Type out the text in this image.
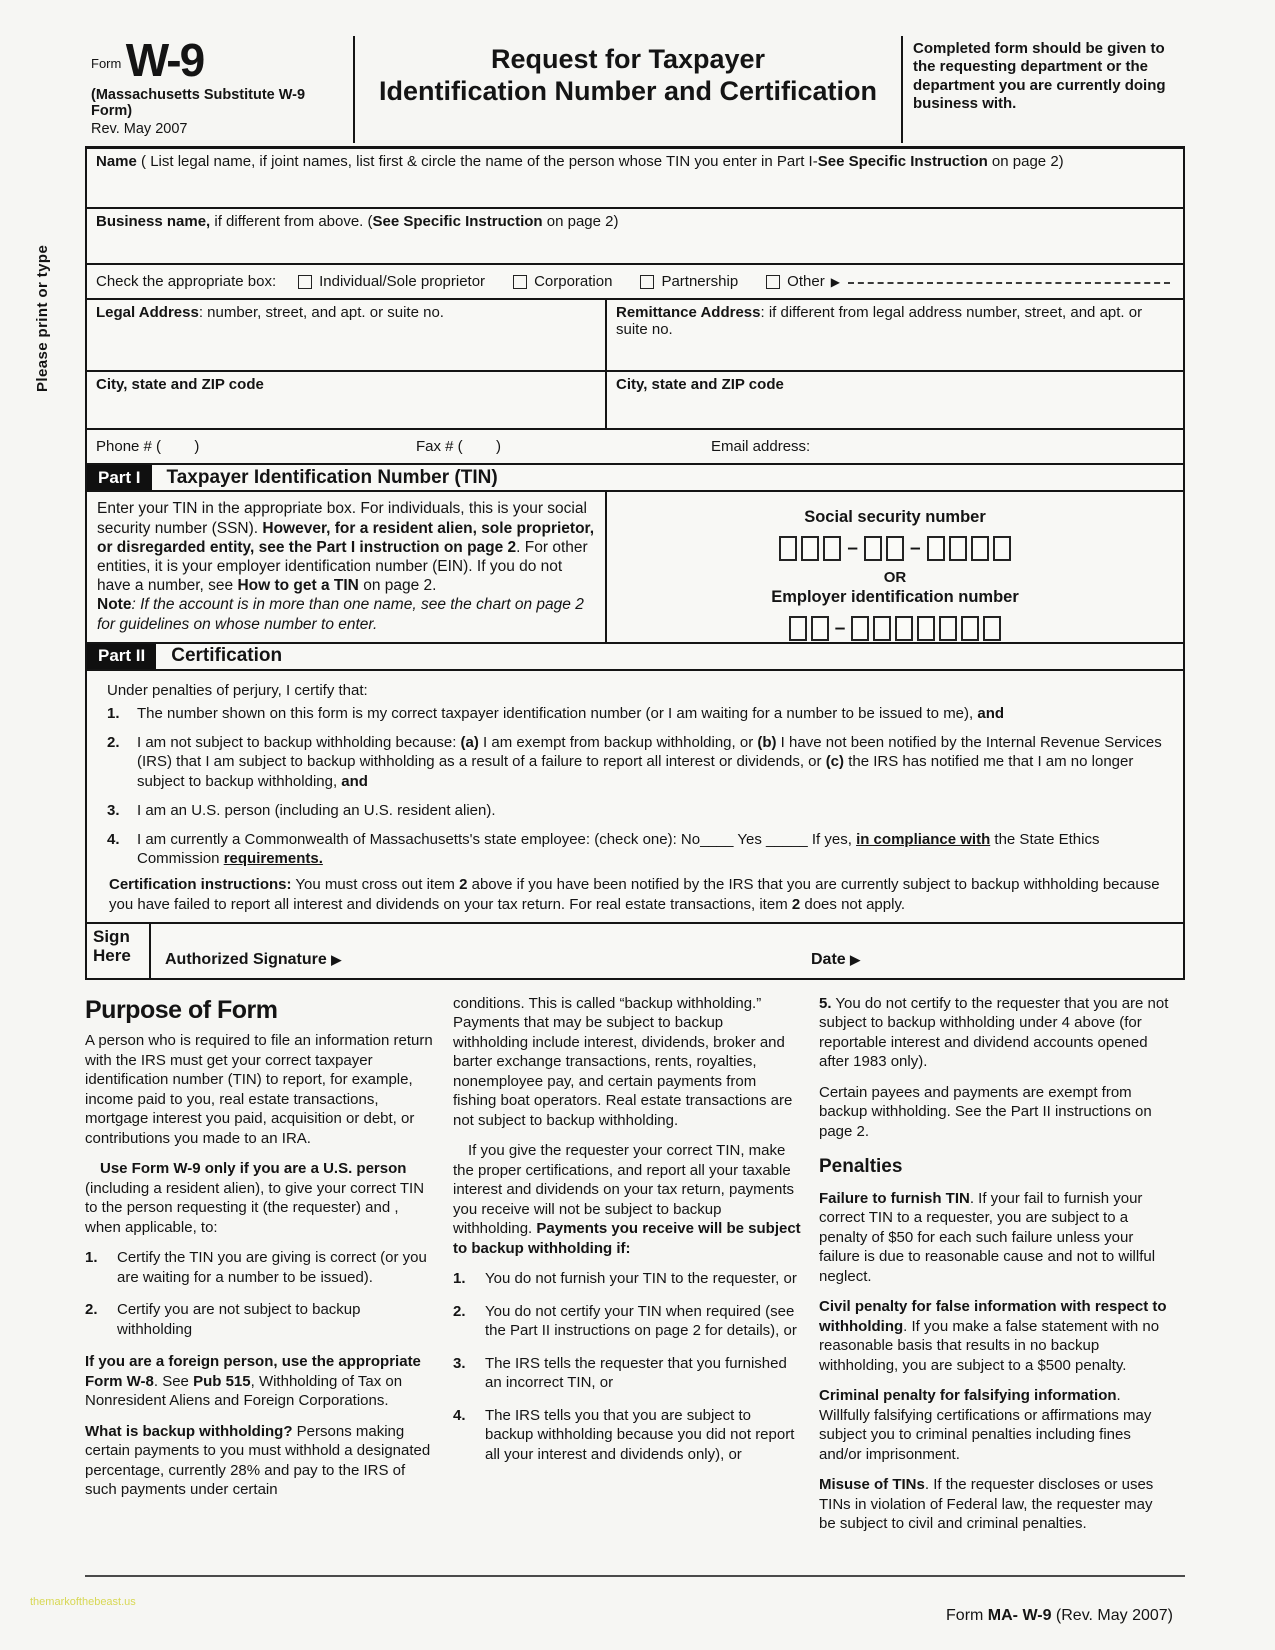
Please print or type
$^{Form}$ W-9
(Massachusetts Substitute W-9 Form)
Rev. May 2007
Request for Taxpayer
Identification Number and Certification
Completed form should be given to the requesting department or the department you are currently doing business with.
Name ( List legal name, if joint names, list first & circle the name of the person whose TIN you enter in Part I-See Specific Instruction on page 2)
Business name, if different from above. (See Specific Instruction on page 2)
Check the appropriate box:	Individual/Sole proprietor	Corporation	Partnership	Other ▶
Legal Address: number, street, and apt. or suite no.	Remittance Address: if different from legal address number, street, and apt. or suite no.
City, state and ZIP code	City, state and ZIP code
Phone # (        )	Fax # (        )	Email address:
Part I	Taxpayer Identification Number (TIN)
Enter your TIN in the appropriate box. For individuals, this is your social security number (SSN). However, for a resident alien, sole proprietor, or disregarded entity, see the Part I instruction on page 2. For other entities, it is your employer identification number (EIN). If you do not have a number, see How to get a TIN on page 2.
Note: If the account is in more than one name, see the chart on page 2 for guidelines on whose number to enter.
Social security number
–	–
OR
Employer identification number
–
Part II	Certification
Under penalties of perjury, I certify that:
1.	The number shown on this form is my correct taxpayer identification number (or I am waiting for a number to be issued to me), and
2.	I am not subject to backup withholding because: (a) I am exempt from backup withholding, or (b) I have not been notified by the Internal Revenue Services (IRS) that I am subject to backup withholding as a result of a failure to report all interest or dividends, or (c) the IRS has notified me that I am no longer subject to backup withholding, and
3.	I am an U.S. person (including an U.S. resident alien).
4.	I am currently a Commonwealth of Massachusetts's state employee: (check one): No____ Yes _____ If yes, in compliance with the State Ethics Commission requirements.
Certification instructions: You must cross out item 2 above if you have been notified by the IRS that you are currently subject to backup withholding because you have failed to report all interest and dividends on your tax return. For real estate transactions, item 2 does not apply.
Sign
Here	Authorized Signature ▶	Date ▶
Purpose of Form

A person who is required to file an information return with the IRS must get your correct taxpayer identification number (TIN) to report, for example, income paid to you, real estate transactions, mortgage interest you paid, acquisition or debt, or contributions you made to an IRA.

Use Form W-9 only if you are a U.S. person (including a resident alien), to give your correct TIN to the person requesting it (the requester) and , when applicable, to:

1.	Certify the TIN you are giving is correct (or you are waiting for a number to be issued).
2.	Certify you are not subject to backup withholding

If you are a foreign person, use the appropriate Form W-8. See Pub 515, Withholding of Tax on Nonresident Aliens and Foreign Corporations.

What is backup withholding? Persons making certain payments to you must withhold a designated percentage, currently 28% and pay to the IRS of such payments under certain

conditions. This is called “backup withholding.” Payments that may be subject to backup withholding include interest, dividends, broker and barter exchange transactions, rents, royalties, nonemployee pay, and certain payments from fishing boat operators. Real estate transactions are not subject to backup withholding.

If you give the requester your correct TIN, make the proper certifications, and report all your taxable interest and dividends on your tax return, payments you receive will not be subject to backup withholding. Payments you receive will be subject to backup withholding if:

1.	You do not furnish your TIN to the requester, or
2.	You do not certify your TIN when required (see the Part II instructions on page 2 for details), or
3.	The IRS tells the requester that you furnished an incorrect TIN, or
4.	The IRS tells you that you are subject to backup withholding because you did not report all your interest and dividends only), or

5. You do not certify to the requester that you are not subject to backup withholding under 4 above (for reportable interest and dividend accounts opened after 1983 only).

Certain payees and payments are exempt from backup withholding. See the Part II instructions on page 2.

Penalties

Failure to furnish TIN. If your fail to furnish your correct TIN to a requester, you are subject to a penalty of $50 for each such failure unless your failure is due to reasonable cause and not to willful neglect.

Civil penalty for false information with respect to withholding. If you make a false statement with no reasonable basis that results in no backup withholding, you are subject to a $500 penalty.

Criminal penalty for falsifying information. Willfully falsifying certifications or affirmations may subject you to criminal penalties including fines and/or imprisonment.

Misuse of TINs. If the requester discloses or uses TINs in violation of Federal law, the requester may be subject to civil and criminal penalties.

Form MA- W-9 (Rev. May 2007)
themarkofthebeast.us
